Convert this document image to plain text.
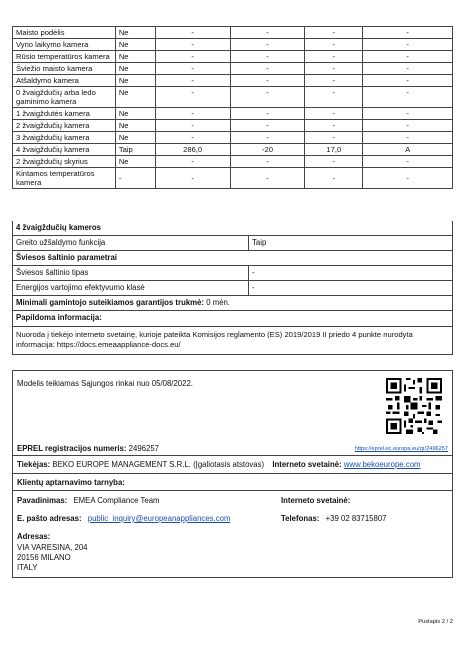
Maisto podėlis	Ne	-	-	-	-
Vyno laikymo kamera	Ne	-	-	-	-
Rūsio temperatūros kamera	Ne	-	-	-	-
Šviežio maisto kamera	Ne	-	-	-	-
Atšaldymo kamera	Ne	-	-	-	-
0 žvaigždučių arba ledo gaminimo kamera	Ne	-	-	-	-
1 žvaigždutės kamera	Ne	-	-	-	-
2 žvaigždučių kamera	Ne	-	-	-	-
3 žvaigždučių kamera	Ne	-	-	-	-
4 žvaigždučių kamera	Taip	286,0	-20	17,0	A
2 žvaigždučių skyrius	Ne	-	-	-	-
Kintamos temperatūros kamera	-	-	-	-	-
4 žvaigždučių kameros
Greito užšaldymo funkcija	Taip
Šviesos šaltinio parametrai
Šviesos šaltinio tipas	-
Energijos vartojimo efektyvumo klasė	-
Minimali gamintojo suteikiamos garantijos trukmė: 0 mėn.
Papildoma informacija:
Nuoroda į tiekėjo interneto svetainę, kurioje pateikta Komisijos reglamento (ES) 2019/2019 II priedo 4 punkte nurodyta informacija: https://docs.emeaappliance-docs.eu/
Modelis teikiamas Sąjungos rinkai nuo 05/08/2022.
EPREL registracijos numeris: 2496257	https://eprel.ec.europa.eu/qr/2496257
Tiekėjas: BEKO EUROPE MANAGEMENT S.R.L. (Įgaliotasis atstovas) Interneto svetainė: www.bekoeurope.com
Klientų aptarnavimo tarnyba:
Pavadinimas: EMEA Compliance Team	Interneto svetainė:
E. pašto adresas: public_inquiry@europeanappliances.com	Telefonas: +39 02 83715807
Adresas:
VIA VARESINA, 204
20156 MILANO
ITALY
Puslapis 2 / 2
